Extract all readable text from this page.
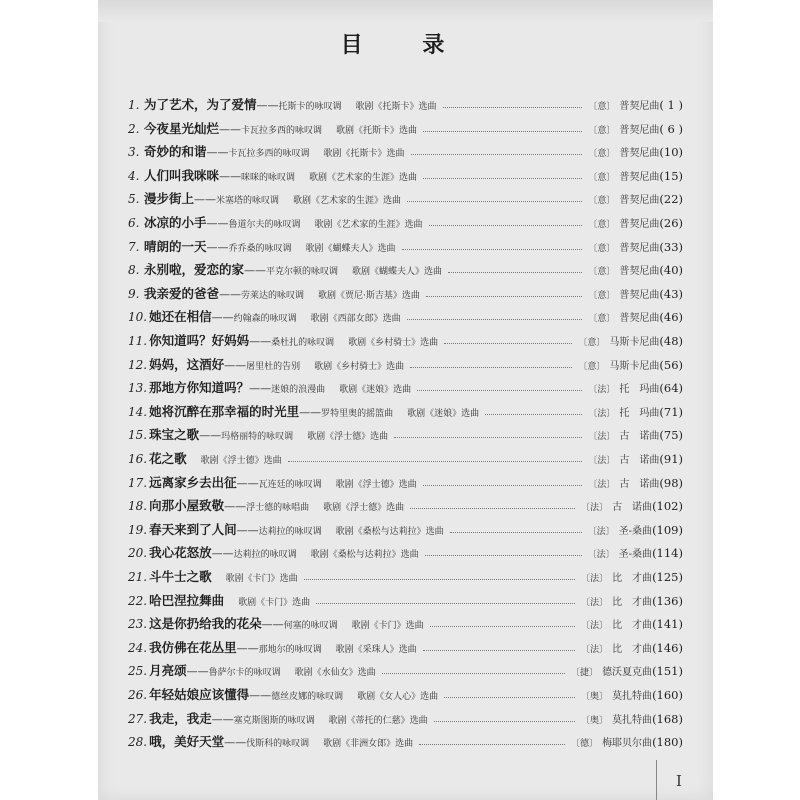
目 录
1. 为了艺术，为了爱情 —— 托斯卡的咏叹调 歌剧《托斯卡》选曲	〔意〕 普契尼曲 ( 1 )
2. 今夜星光灿烂 —— 卡瓦拉多西的咏叹调 歌剧《托斯卡》选曲	〔意〕 普契尼曲 ( 6 )
3. 奇妙的和谐 —— 卡瓦拉多西的咏叹调 歌剧《托斯卡》选曲	〔意〕 普契尼曲 (10)
4. 人们叫我咪咪 —— 咪咪的咏叹调 歌剧《艺术家的生涯》选曲	〔意〕 普契尼曲 (15)
5. 漫步街上 —— 米塞塔的咏叹调 歌剧《艺术家的生涯》选曲	〔意〕 普契尼曲 (22)
6. 冰凉的小手 —— 鲁道尔夫的咏叹调 歌剧《艺术家的生涯》选曲	〔意〕 普契尼曲 (26)
7. 晴朗的一天 —— 乔乔桑的咏叹调 歌剧《蝴蝶夫人》选曲	〔意〕 普契尼曲 (33)
8. 永别啦，爱恋的家 —— 平克尔顿的咏叹调 歌剧《蝴蝶夫人》选曲	〔意〕 普契尼曲 (40)
9. 我亲爱的爸爸 —— 劳莱达的咏叹调 歌剧《贾尼·斯吉基》选曲	〔意〕 普契尼曲 (43)
10. 她还在相信 —— 约翰森的咏叹调 歌剧《西部女郎》选曲	〔意〕 普契尼曲 (46)
11. 你知道吗？好妈妈 —— 桑杜扎的咏叹调 歌剧《乡村骑士》选曲	〔意〕 马斯卡尼曲 (48)
12. 妈妈，这酒好 —— 屠里杜的告别 歌剧《乡村骑士》选曲	〔意〕 马斯卡尼曲 (56)
13. 那地方你知道吗？ —— 迷娘的浪漫曲 歌剧《迷娘》选曲	〔法〕 托　玛曲 (64)
14. 她将沉醉在那幸福的时光里 —— 罗特里奥的摇篮曲 歌剧《迷娘》选曲	〔法〕 托　玛曲 (71)
15. 珠宝之歌 —— 玛格丽特的咏叹调 歌剧《浮士德》选曲	〔法〕 古　诺曲 (75)
16. 花之歌 歌剧《浮士德》选曲	〔法〕 古　诺曲 (91)
17. 远离家乡去出征 —— 瓦连廷的咏叹调 歌剧《浮士德》选曲	〔法〕 古　诺曲 (98)
18. 向那小屋致敬 —— 浮士德的咏唱曲 歌剧《浮士德》选曲	〔法〕 古　诺曲 (102)
19. 春天来到了人间 —— 达莉拉的咏叹调 歌剧《桑松与达莉拉》选曲	〔法〕 圣-桑曲 (109)
20. 我心花怒放 —— 达莉拉的咏叹调 歌剧《桑松与达莉拉》选曲	〔法〕 圣-桑曲 (114)
21. 斗牛士之歌 歌剧《卡门》选曲	〔法〕 比　才曲 (125)
22. 哈巴涅拉舞曲 歌剧《卡门》选曲	〔法〕 比　才曲 (136)
23. 这是你扔给我的花朵 —— 何塞的咏叹调 歌剧《卡门》选曲	〔法〕 比　才曲 (141)
24. 我仿佛在花丛里 —— 那地尔的咏叹调 歌剧《采珠人》选曲	〔法〕 比　才曲 (146)
25. 月亮颂 —— 鲁萨尔卡的咏叹调 歌剧《水仙女》选曲	〔捷〕 德沃夏克曲 (151)
26. 年轻姑娘应该懂得 —— 德丝皮娜的咏叹调 歌剧《女人心》选曲	〔奥〕 莫扎特曲 (160)
27. 我走，我走 —— 塞克斯图斯的咏叹调 歌剧《蒂托的仁慈》选曲	〔奥〕 莫扎特曲 (168)
28. 哦，美好天堂 —— 伐斯科的咏叹调 歌剧《非洲女郎》选曲	〔德〕 梅耶贝尔曲 (180)
I
